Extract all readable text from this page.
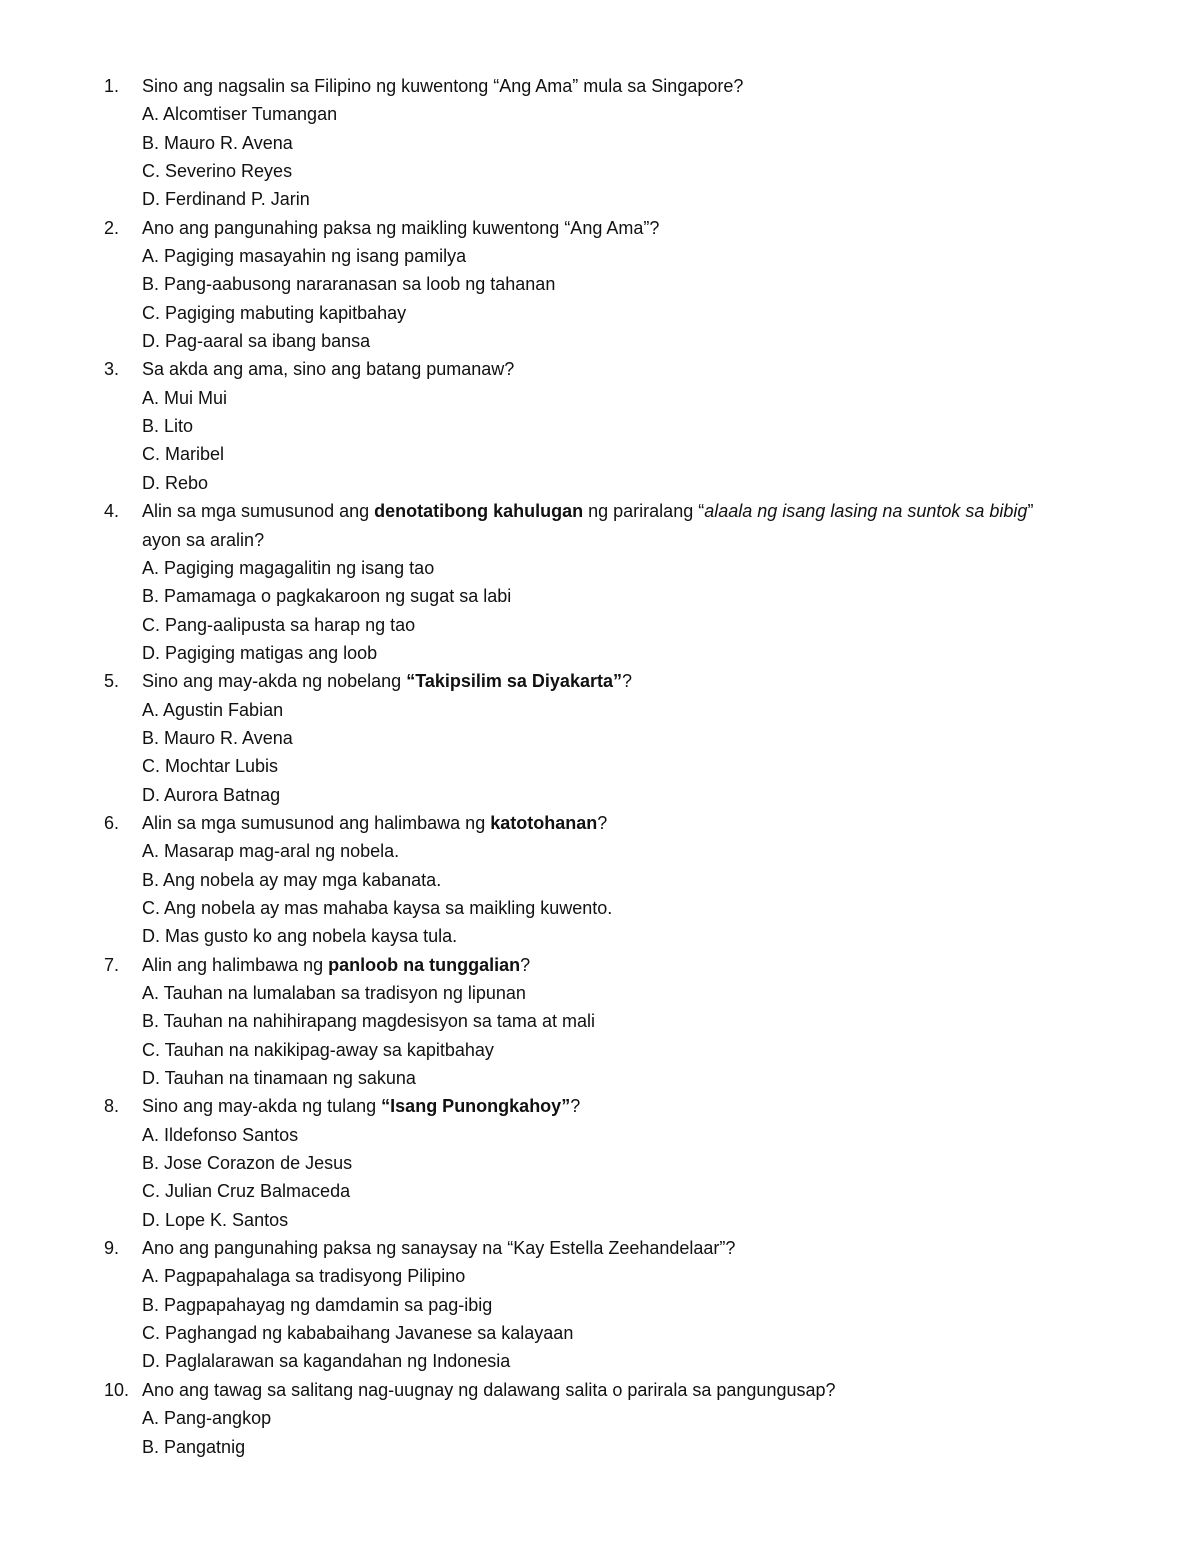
1.	Sino ang nagsalin sa Filipino ng kuwentong “Ang Ama” mula sa Singapore?
A. Alcomtiser Tumangan
B. Mauro R. Avena
C. Severino Reyes
D. Ferdinand P. Jarin
2.	Ano ang pangunahing paksa ng maikling kuwentong “Ang Ama”?
A. Pagiging masayahin ng isang pamilya
B. Pang-aabusong nararanasan sa loob ng tahanan
C. Pagiging mabuting kapitbahay
D. Pag-aaral sa ibang bansa
3.	Sa akda ang ama, sino ang batang pumanaw?
A. Mui Mui
B. Lito
C. Maribel
D. Rebo
4.	Alin sa mga sumusunod ang denotatibong kahulugan ng pariralang “alaala ng isang lasing na suntok sa bibig”
ayon sa aralin?
A. Pagiging magagalitin ng isang tao
B. Pamamaga o pagkakaroon ng sugat sa labi
C. Pang-aalipusta sa harap ng tao
D. Pagiging matigas ang loob
5.	Sino ang may-akda ng nobelang “Takipsilim sa Diyakarta”?
A. Agustin Fabian
B. Mauro R. Avena
C. Mochtar Lubis
D. Aurora Batnag
6.	Alin sa mga sumusunod ang halimbawa ng katotohanan?
A. Masarap mag-aral ng nobela.
B. Ang nobela ay may mga kabanata.
C. Ang nobela ay mas mahaba kaysa sa maikling kuwento.
D. Mas gusto ko ang nobela kaysa tula.
7.	Alin ang halimbawa ng panloob na tunggalian?
A. Tauhan na lumalaban sa tradisyon ng lipunan
B. Tauhan na nahihirapang magdesisyon sa tama at mali
C. Tauhan na nakikipag-away sa kapitbahay
D. Tauhan na tinamaan ng sakuna
8.	Sino ang may-akda ng tulang “Isang Punongkahoy”?
A. Ildefonso Santos
B. Jose Corazon de Jesus
C. Julian Cruz Balmaceda
D. Lope K. Santos
9.	Ano ang pangunahing paksa ng sanaysay na “Kay Estella Zeehandelaar”?
A. Pagpapahalaga sa tradisyong Pilipino
B. Pagpapahayag ng damdamin sa pag-ibig
C. Paghangad ng kababaihang Javanese sa kalayaan
D. Paglalarawan sa kagandahan ng Indonesia
10. Ano ang tawag sa salitang nag-uugnay ng dalawang salita o parirala sa pangungusap?
A. Pang-angkop
B. Pangatnig
